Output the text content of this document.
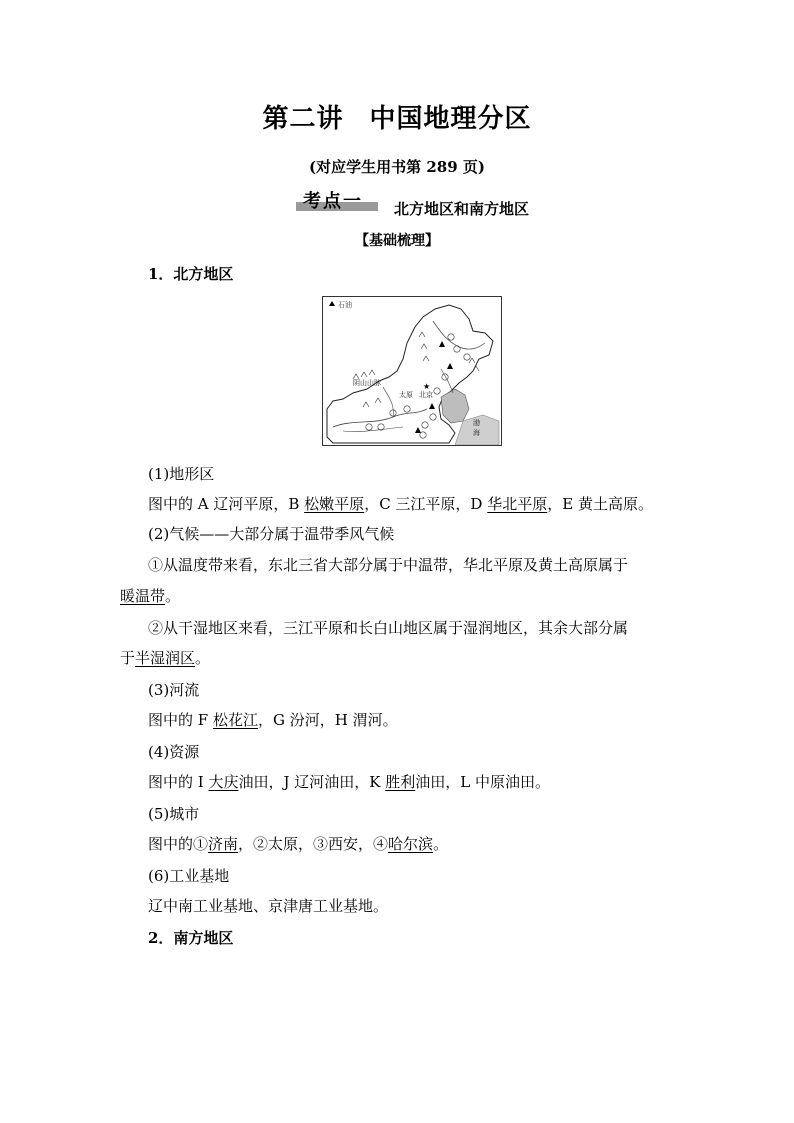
第二讲 中国地理分区
(对应学生用书第 289 页)
考点一 北方地区和南方地区
【基础梳理】
1．北方地区
石油
阴山山脉
北京
太原
渤
海
★
(1)地形区
图中的 A 辽河平原，B 松嫩平原，C 三江平原，D 华北平原，E 黄土高原。
(2)气候——大部分属于温带季风气候
①从温度带来看，东北三省大部分属于中温带，华北平原及黄土高原属于
暖温带。
②从干湿地区来看，三江平原和长白山地区属于湿润地区，其余大部分属
于半湿润区。
(3)河流
图中的 F 松花江，G 汾河，H 渭河。
(4)资源
图中的 I 大庆油田，J 辽河油田，K 胜利油田，L 中原油田。
(5)城市
图中的①济南，②太原，③西安，④哈尔滨。
(6)工业基地
辽中南工业基地、京津唐工业基地。
2．南方地区
